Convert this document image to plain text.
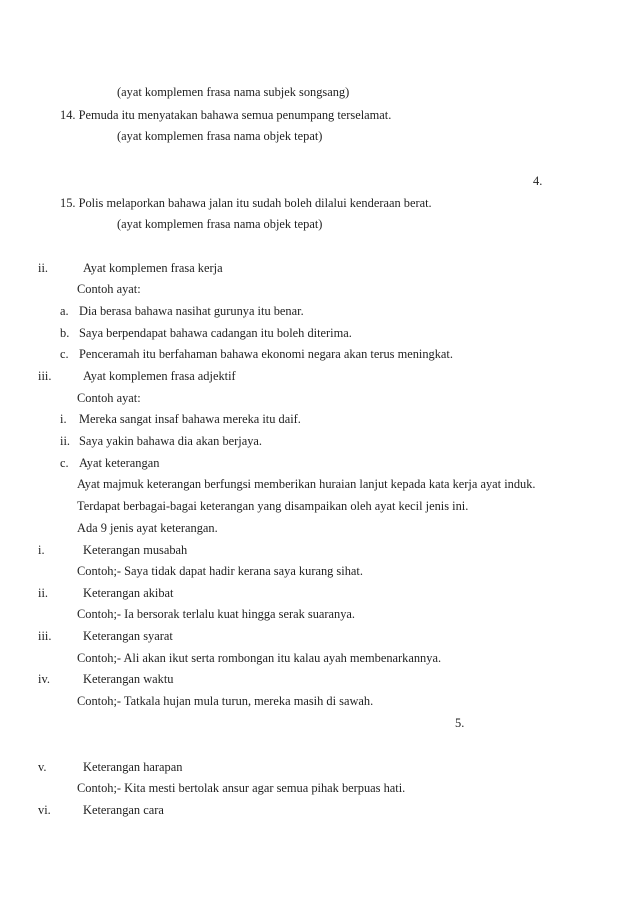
(ayat komplemen frasa nama subjek songsang)

14. Pemuda itu menyatakan bahawa semua penumpang terselamat.

(ayat komplemen frasa nama objek tepat)

4.

15. Polis melaporkan bahawa jalan itu sudah boleh dilalui kenderaan berat.

(ayat komplemen frasa nama objek tepat)

ii.	Ayat komplemen frasa kerja

Contoh ayat:

a. Dia berasa bahawa nasihat gurunya itu benar.

b. Saya berpendapat bahawa cadangan itu boleh diterima.

c. Penceramah itu berfahaman bahawa ekonomi negara akan terus meningkat.

iii.	Ayat komplemen frasa adjektif

Contoh ayat:

i. Mereka sangat insaf bahawa mereka itu daif.

ii. Saya yakin bahawa dia akan berjaya.

c. Ayat keterangan

Ayat majmuk keterangan berfungsi memberikan huraian lanjut kepada kata kerja ayat induk.

Terdapat berbagai-bagai keterangan yang disampaikan oleh ayat kecil jenis ini.

Ada 9 jenis ayat keterangan.

i.	Keterangan musabah

Contoh;- Saya tidak dapat hadir kerana saya kurang sihat.

ii.	Keterangan akibat

Contoh;- Ia bersorak terlalu kuat hingga serak suaranya.

iii.	Keterangan syarat

Contoh;- Ali akan ikut serta rombongan itu kalau ayah membenarkannya.

iv.	Keterangan waktu

Contoh;- Tatkala hujan mula turun, mereka masih di sawah.

5.

v.	Keterangan harapan

Contoh;- Kita mesti bertolak ansur agar semua pihak berpuas hati.

vi.	Keterangan cara
